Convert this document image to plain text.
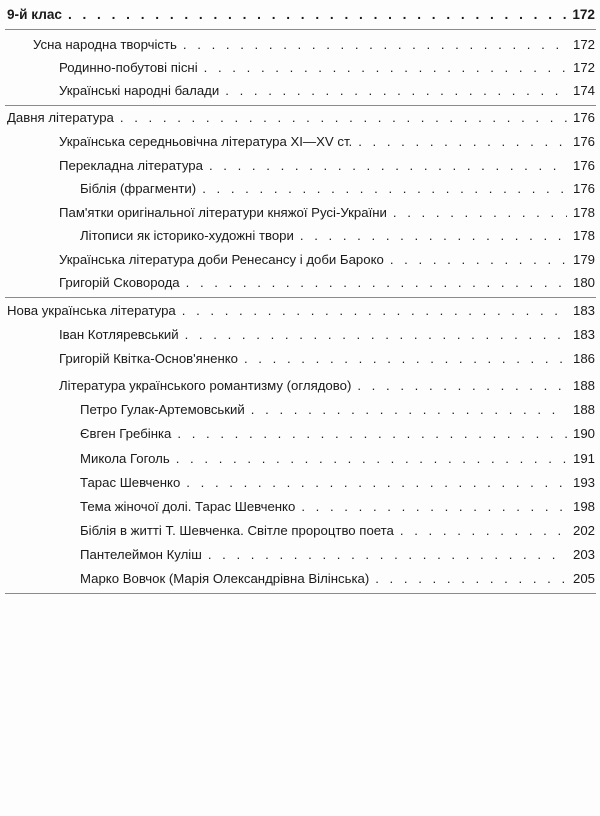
9-й клас . . .	172
Усна народна творчість . . .	172
Родинно-побутові пісні . . .	172
Українські народні балади . . .	174
Давня література . . .	176
Українська середньовічна література XI—XV ст. . . .	176
Перекладна література . . .	176
Біблія (фрагменти) . . .	176
Пам'ятки оригінальної літератури княжої Русі-України . . .	178
Літописи як історико-художні твори . . .	178
Українська література доби Ренесансу і доби Бароко . . .	179
Григорій Сковорода . . .	180
Нова українська література . . .	183
Іван Котляревський . . .	183
Григорій Квітка-Основ'яненко . . .	186
Література українського романтизму (оглядово) . . .	188
Петро Гулак-Артемовський . . .	188
Євген Гребінка . . .	190
Микола Гоголь . . .	191
Тарас Шевченко . . .	193
Тема жіночої долі. Тарас Шевченко . . .	198
Біблія в житті Т. Шевченка. Світле пророцтво поета . . .	202
Пантелеймон Куліш . . .	203
Марко Вовчок (Марія Олександрівна Вілінська) . . .	205
